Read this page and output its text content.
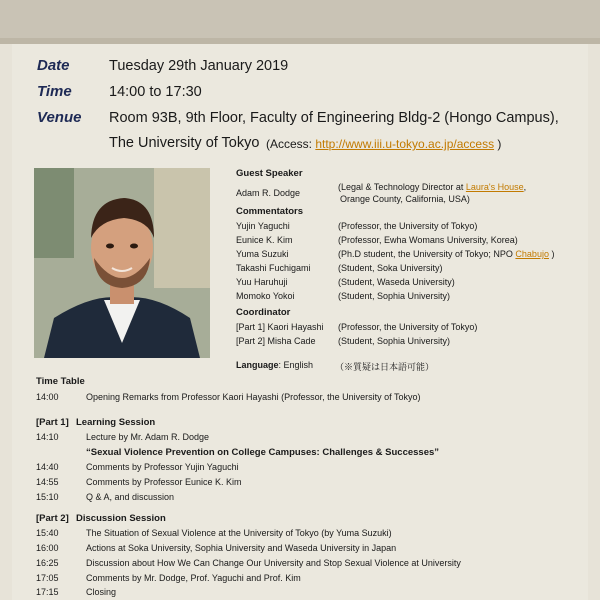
Date	Tuesday 29th January 2019
Time	14:00 to 17:30
Venue Room 93B, 9th Floor, Faculty of Engineering Bldg-2 (Hongo Campus),
The University of Tokyo (Access: http://www.iii.u-tokyo.ac.jp/access )
Guest Speaker
Adam R. Dodge
(Legal & Technology Director at Laura's House,
Orange County, California, USA)
Commentators
Yujin Yaguchi	(Professor, the University of Tokyo)
Eunice K. Kim	(Professor, Ewha Womans University, Korea)
Yuma Suzuki	(Ph.D student, the University of Tokyo; NPO Chabujo )
Takashi Fuchigami	(Student, Soka University)
Yuu Haruhuji	(Student, Waseda University)
Momoko Yokoi	(Student, Sophia University)
Coordinator
[Part 1] Kaori Hayashi (Professor, the University of Tokyo)
[Part 2] Misha Cade (Student, Sophia University)
Language: English （※質疑は日本語可能）
Time Table
14:00	Opening Remarks from Professor Kaori Hayashi (Professor, the University of Tokyo)
[Part 1] Learning Session
14:10	Lecture by Mr. Adam R. Dodge
“Sexual Violence Prevention on College Campuses: Challenges & Successes”
14:40	Comments by Professor Yujin Yaguchi
14:55	Comments by Professor Eunice K. Kim
15:10	Q & A, and discussion
[Part 2] Discussion Session
15:40	The Situation of Sexual Violence at the University of Tokyo (by Yuma Suzuki)
16:00	Actions at Soka University, Sophia University and Waseda University in Japan
16:25	Discussion about How We Can Change Our University and Stop Sexual Violence at University
17:05	Comments by Mr. Dodge, Prof. Yaguchi and Prof. Kim
17:15	Closing
